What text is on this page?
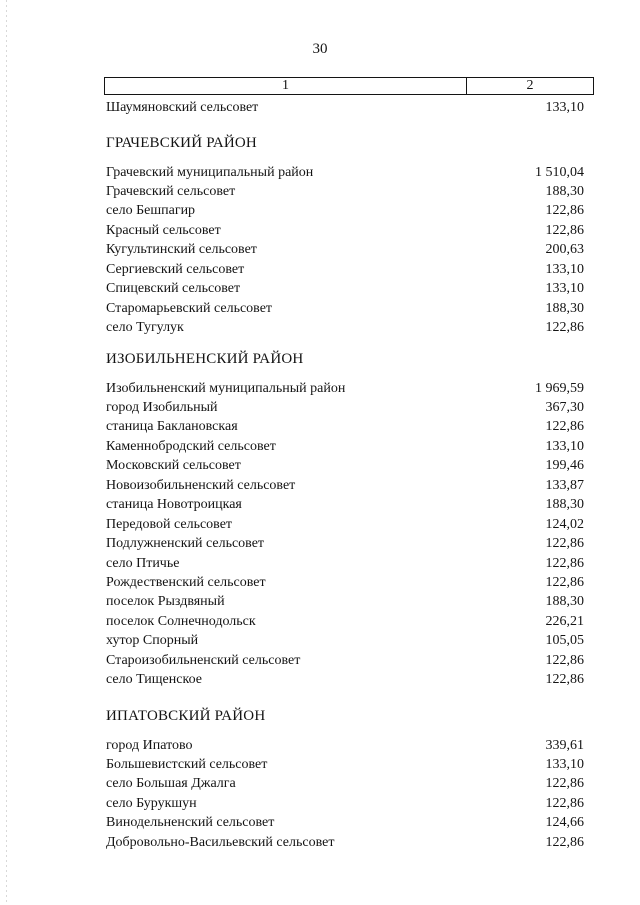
30
1	2
Шаумяновский сельсовет	133,10
ГРАЧЕВСКИЙ РАЙОН
Грачевский муниципальный район	1 510,04
Грачевский сельсовет	188,30
село Бешпагир	122,86
Красный сельсовет	122,86
Кугультинский сельсовет	200,63
Сергиевский сельсовет	133,10
Спицевский сельсовет	133,10
Старомарьевский сельсовет	188,30
село Тугулук	122,86
ИЗОБИЛЬНЕНСКИЙ РАЙОН
Изобильненский муниципальный район	1 969,59
город Изобильный	367,30
станица Баклановская	122,86
Каменнобродский сельсовет	133,10
Московский сельсовет	199,46
Новоизобильненский сельсовет	133,87
станица Новотроицкая	188,30
Передовой сельсовет	124,02
Подлужненский сельсовет	122,86
село Птичье	122,86
Рождественский сельсовет	122,86
поселок Рыздвяный	188,30
поселок Солнечнодольск	226,21
хутор Спорный	105,05
Староизобильненский сельсовет	122,86
село Тищенское	122,86
ИПАТОВСКИЙ РАЙОН
город Ипатово	339,61
Большевистский сельсовет	133,10
село Большая Джалга	122,86
село Бурукшун	122,86
Винодельненский сельсовет	124,66
Добровольно-Васильевский сельсовет	122,86
